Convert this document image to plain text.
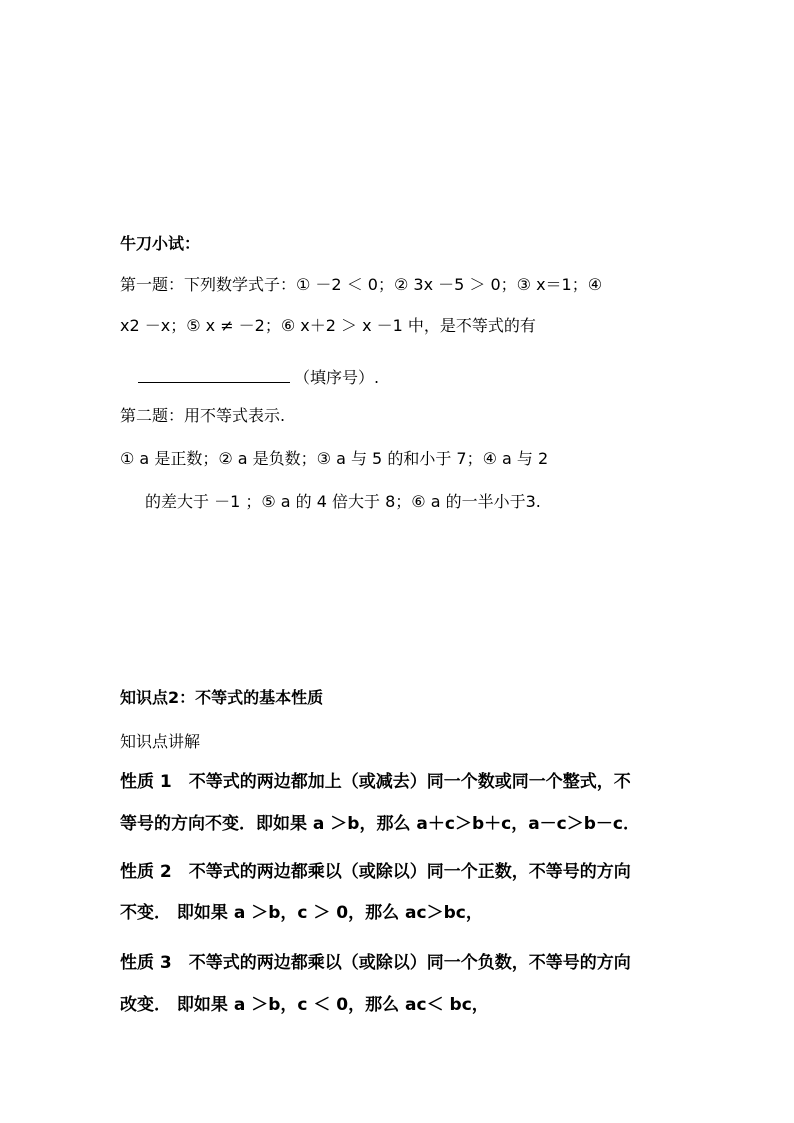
牛刀小试：
第一题：下列数学式子：① －2 ＜ 0；② 3x －5 ＞ 0；③ x＝1；④
x2 －x；⑤ x ≠ －2；⑥ x＋2 ＞ x －1 中，是不等式的有
（填序号）.
第二题：用不等式表示.
① a 是正数；② a 是负数；③ a 与 5 的和小于 7；④ a 与 2
的差大于 －1 ；⑤ a 的 4 倍大于 8；⑥ a 的一半小于3.
知识点2：不等式的基本性质
知识点讲解
性质 1　不等式的两边都加上（或减去）同一个数或同一个整式，不
等号的方向不变．即如果 a ＞b，那么 a＋c＞b＋c，a－c＞b－c．
性质 2　不等式的两边都乘以（或除以）同一个正数，不等号的方向
不变． 即如果 a ＞b，c ＞ 0，那么 ac＞bc，
性质 3　不等式的两边都乘以（或除以）同一个负数，不等号的方向
改变． 即如果 a ＞b，c ＜ 0，那么 ac＜ bc，
